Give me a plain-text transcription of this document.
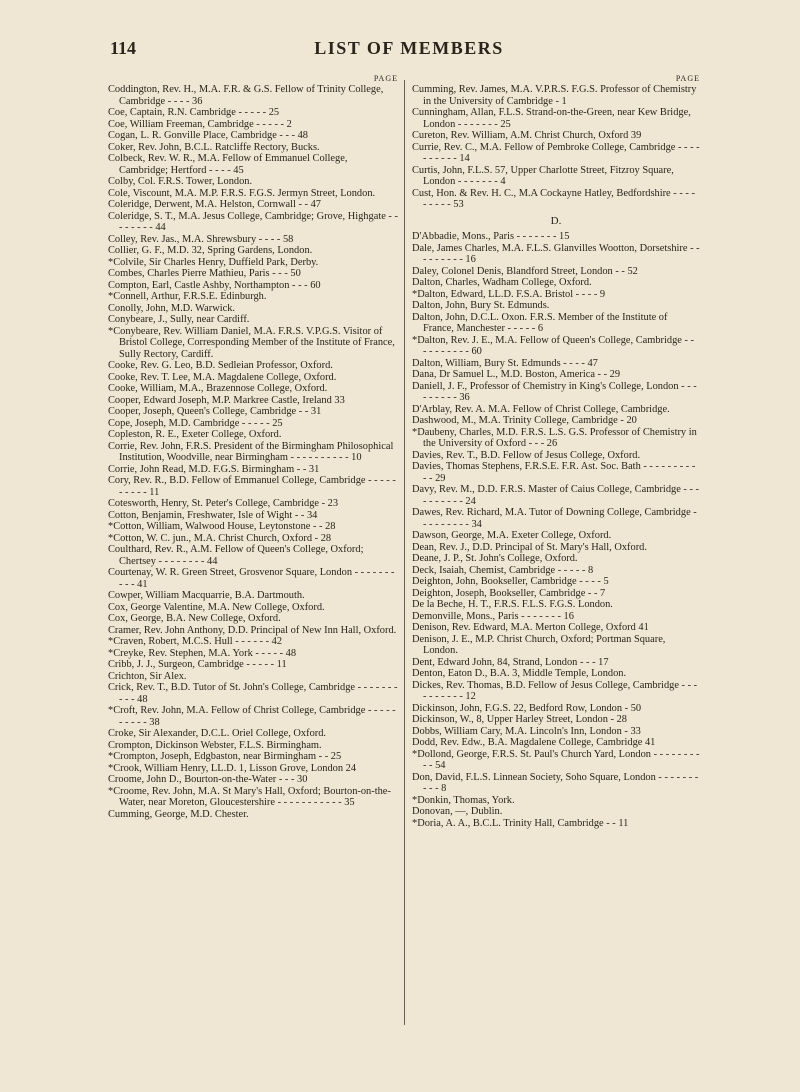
114	LIST OF MEMBERS
PAGE
Coddington, Rev. H., M.A. F.R. & G.S. Fellow of Trinity College, Cambridge - - - - 36
Coe, Captain, R.N. Cambridge - - - - - 25
Coe, William Freeman, Cambridge - - - - - 2
Cogan, L. R. Gonville Place, Cambridge - - - 48
Coker, Rev. John, B.C.L. Ratcliffe Rectory, Bucks.
Colbeck, Rev. W. R., M.A. Fellow of Emmanuel College, Cambridge; Hertford - - - - 45
Colby, Col. F.R.S. Tower, London.
Cole, Viscount, M.A. M.P. F.R.S. F.G.S. Jermyn Street, London.
Coleridge, Derwent, M.A. Helston, Cornwall - - 47
Coleridge, S. T., M.A. Jesus College, Cambridge; Grove, Highgate - - - - - - - - 44
Colley, Rev. Jas., M.A. Shrewsbury - - - - 58
Collier, G. F., M.D. 32, Spring Gardens, London.
*Colvile, Sir Charles Henry, Duffield Park, Derby.
Combes, Charles Pierre Mathieu, Paris - - - 50
Compton, Earl, Castle Ashby, Northampton - - - 60
*Connell, Arthur, F.R.S.E. Edinburgh.
Conolly, John, M.D. Warwick.
Conybeare, J., Sully, near Cardiff.
*Conybeare, Rev. William Daniel, M.A. F.R.S. V.P.G.S. Visitor of Bristol College, Corresponding Member of the Institute of France, Sully Rectory, Cardiff.
Cooke, Rev. G. Leo, B.D. Sedleian Professor, Oxford.
Cooke, Rev. T. Lee, M.A. Magdalene College, Oxford.
Cooke, William, M.A., Brazennose College, Oxford.
Cooper, Edward Joseph, M.P. Markree Castle, Ireland 33
Cooper, Joseph, Queen's College, Cambridge - - 31
Cope, Joseph, M.D. Cambridge - - - - - 25
Copleston, R. E., Exeter College, Oxford.
Corrie, Rev. John, F.R.S. President of the Birmingham Philosophical Institution, Woodville, near Birmingham - - - - - - - - - - 10
Corrie, John Read, M.D. F.G.S. Birmingham - - 31
Cory, Rev. R., B.D. Fellow of Emmanuel College, Cambridge - - - - - - - - - - 11
Cotesworth, Henry, St. Peter's College, Cambridge - 23
Cotton, Benjamin, Freshwater, Isle of Wight - - 34
*Cotton, William, Walwood House, Leytonstone - - 28
*Cotton, W. C. jun., M.A. Christ Church, Oxford - 28
Coulthard, Rev. R., A.M. Fellow of Queen's College, Oxford; Chertsey - - - - - - - - 44
Courtenay, W. R. Green Street, Grosvenor Square, London - - - - - - - - - - 41
Cowper, William Macquarrie, B.A. Dartmouth.
Cox, George Valentine, M.A. New College, Oxford.
Cox, George, B.A. New College, Oxford.
Cramer, Rev. John Anthony, D.D. Principal of New Inn Hall, Oxford.
*Craven, Robert, M.C.S. Hull - - - - - - 42
*Creyke, Rev. Stephen, M.A. York - - - - - 48
Cribb, J. J., Surgeon, Cambridge - - - - - 11
Crichton, Sir Alex.
Crick, Rev. T., B.D. Tutor of St. John's College, Cambridge - - - - - - - - - - 48
*Croft, Rev. John, M.A. Fellow of Christ College, Cambridge - - - - - - - - - - 38
Croke, Sir Alexander, D.C.L. Oriel College, Oxford.
Crompton, Dickinson Webster, F.L.S. Birmingham.
*Crompton, Joseph, Edgbaston, near Birmingham - - 25
*Crook, William Henry, LL.D. 1, Lisson Grove, London 24
Croome, John D., Bourton-on-the-Water - - - 30
*Croome, Rev. John, M.A. St Mary's Hall, Oxford; Bourton-on-the-Water, near Moreton, Gloucestershire - - - - - - - - - - - 35
Cumming, George, M.D. Chester.
PAGE
Cumming, Rev. James, M.A. V.P.R.S. F.G.S. Professor of Chemistry in the University of Cambridge - 1
Cunningham, Allan, F.L.S. Strand-on-the-Green, near Kew Bridge, London - - - - - - - 25
Cureton, Rev. William, A.M. Christ Church, Oxford 39
Currie, Rev. C., M.A. Fellow of Pembroke College, Cambridge - - - - - - - - - - 14
Curtis, John, F.L.S. 57, Upper Charlotte Street, Fitzroy Square, London - - - - - - - 4
Cust, Hon. & Rev. H. C., M.A Cockayne Hatley, Bedfordshire - - - - - - - - - 53
D.
D'Abbadie, Mons., Paris - - - - - - - 15
Dale, James Charles, M.A. F.L.S. Glanvilles Wootton, Dorsetshire - - - - - - - - - 16
Daley, Colonel Denis, Blandford Street, London - - 52
Dalton, Charles, Wadham College, Oxford.
*Dalton, Edward, LL.D. F.S.A. Bristol - - - - 9
Dalton, John, Bury St. Edmunds.
Dalton, John, D.C.L. Oxon. F.R.S. Member of the Institute of France, Manchester - - - - - 6
*Dalton, Rev. J. E., M.A. Fellow of Queen's College, Cambridge - - - - - - - - - - 60
Dalton, William, Bury St. Edmunds - - - - 47
Dana, Dr Samuel L., M.D. Boston, America - - 29
Daniell, J. F., Professor of Chemistry in King's College, London - - - - - - - - - 36
D'Arblay, Rev. A. M.A. Fellow of Christ College, Cambridge.
Dashwood, M., M.A. Trinity College, Cambridge - 20
*Daubeny, Charles, M.D. F.R.S. L.S. G.S. Professor of Chemistry in the University of Oxford - - - 26
Davies, Rev. T., B.D. Fellow of Jesus College, Oxford.
Davies, Thomas Stephens, F.R.S.E. F.R. Ast. Soc. Bath - - - - - - - - - - - 29
Davy, Rev. M., D.D. F.R.S. Master of Caius College, Cambridge - - - - - - - - - - 24
Dawes, Rev. Richard, M.A. Tutor of Downing College, Cambridge - - - - - - - - - 34
Dawson, George, M.A. Exeter College, Oxford.
Dean, Rev. J., D.D. Principal of St. Mary's Hall, Oxford.
Deane, J. P., St. John's College, Oxford.
Deck, Isaiah, Chemist, Cambridge - - - - - 8
Deighton, John, Bookseller, Cambridge - - - - 5
Deighton, Joseph, Bookseller, Cambridge - - 7
De la Beche, H. T., F.R.S. F.L.S. F.G.S. London.
Demonville, Mons., Paris - - - - - - - 16
Denison, Rev. Edward, M.A. Merton College, Oxford 41
Denison, J. E., M.P. Christ Church, Oxford; Portman Square, London.
Dent, Edward John, 84, Strand, London - - - 17
Denton, Eaton D., B.A. 3, Middle Temple, London.
Dickes, Rev. Thomas, B.D. Fellow of Jesus College, Cambridge - - - - - - - - - - 12
Dickinson, John, F.G.S. 22, Bedford Row, London - 50
Dickinson, W., 8, Upper Harley Street, London - 28
Dobbs, William Cary, M.A. Lincoln's Inn, London - 33
Dodd, Rev. Edw., B.A. Magdalene College, Cambridge 41
*Dollond, George, F.R.S. St. Paul's Church Yard, London - - - - - - - - - - 54
Don, David, F.L.S. Linnean Society, Soho Square, London - - - - - - - - - - 8
*Donkin, Thomas, York.
Donovan, —, Dublin.
*Doria, A. A., B.C.L. Trinity Hall, Cambridge - - 11
